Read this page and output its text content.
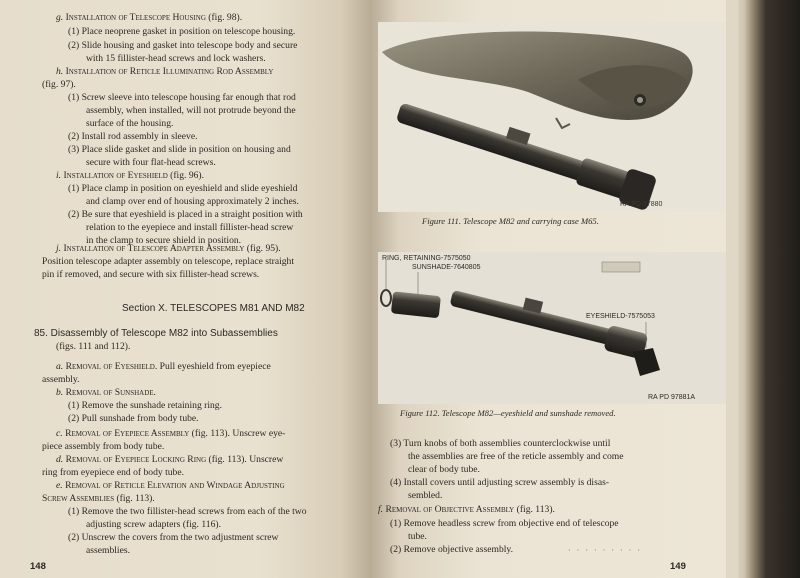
g. Installation of Telescope Housing (fig. 98).
(1) Place neoprene gasket in position on telescope housing.
(2) Slide housing and gasket into telescope body and secure
with 15 fillister-head screws and lock washers.
h. Installation of Reticle Illuminating Rod Assembly
(fig. 97).
(1) Screw sleeve into telescope housing far enough that rod
assembly, when installed, will not protrude beyond the
surface of the housing.
(2) Install rod assembly in sleeve.
(3) Place slide gasket and slide in position on housing and
secure with four flat-head screws.
i. Installation of Eyeshield (fig. 96).
(1) Place clamp in position on eyeshield and slide eyeshield
and clamp over end of housing approximately 2 inches.
(2) Be sure that eyeshield is placed in a straight position with
relation to the eyepiece and install fillister-head screw
in the clamp to secure shield in position.
j. Installation of Telescope Adapter Assembly (fig. 95).
Position telescope adapter assembly on telescope, replace straight
pin if removed, and secure with six fillister-head screws.
a. Removal of Eyeshield. Pull eyeshield from eyepiece
assembly.
b. Removal of Sunshade.
(1) Remove the sunshade retaining ring.
(2) Pull sunshade from body tube.
c. Removal of Eyepiece Assembly (fig. 113). Unscrew eye-
piece assembly from body tube.
d. Removal of Eyepiece Locking Ring (fig. 113). Unscrew
ring from eyepiece end of body tube.
e. Removal of Reticle Elevation and Windage Adjusting
Screw Assemblies (fig. 113).
(1) Remove the two fillister-head screws from each of the two
adjusting screw adapters (fig. 116).
(2) Unscrew the covers from the two adjustment screw
assemblies.
Section X. TELESCOPES M81 AND M82
85. Disassembly of Telescope M82 into Subassemblies
(figs. 111 and 112).
148
RA PD 97880
Figure 111. Telescope M82 and carrying case M65.
RING, RETAINING-7575050
SUNSHADE-7640805
EYESHIELD-7575053
RA PD 97881A
Figure 112. Telescope M82—eyeshield and sunshade removed.
(3) Turn knobs of both assemblies counterclockwise until
the assemblies are free of the reticle assembly and come
clear of body tube.
(4) Install covers until adjusting screw assembly is disas-
sembled.
f. Removal of Objective Assembly (fig. 113).
(1) Remove headless screw from objective end of telescope
tube.
(2) Remove objective assembly.	· · · · · · · · ·
149
